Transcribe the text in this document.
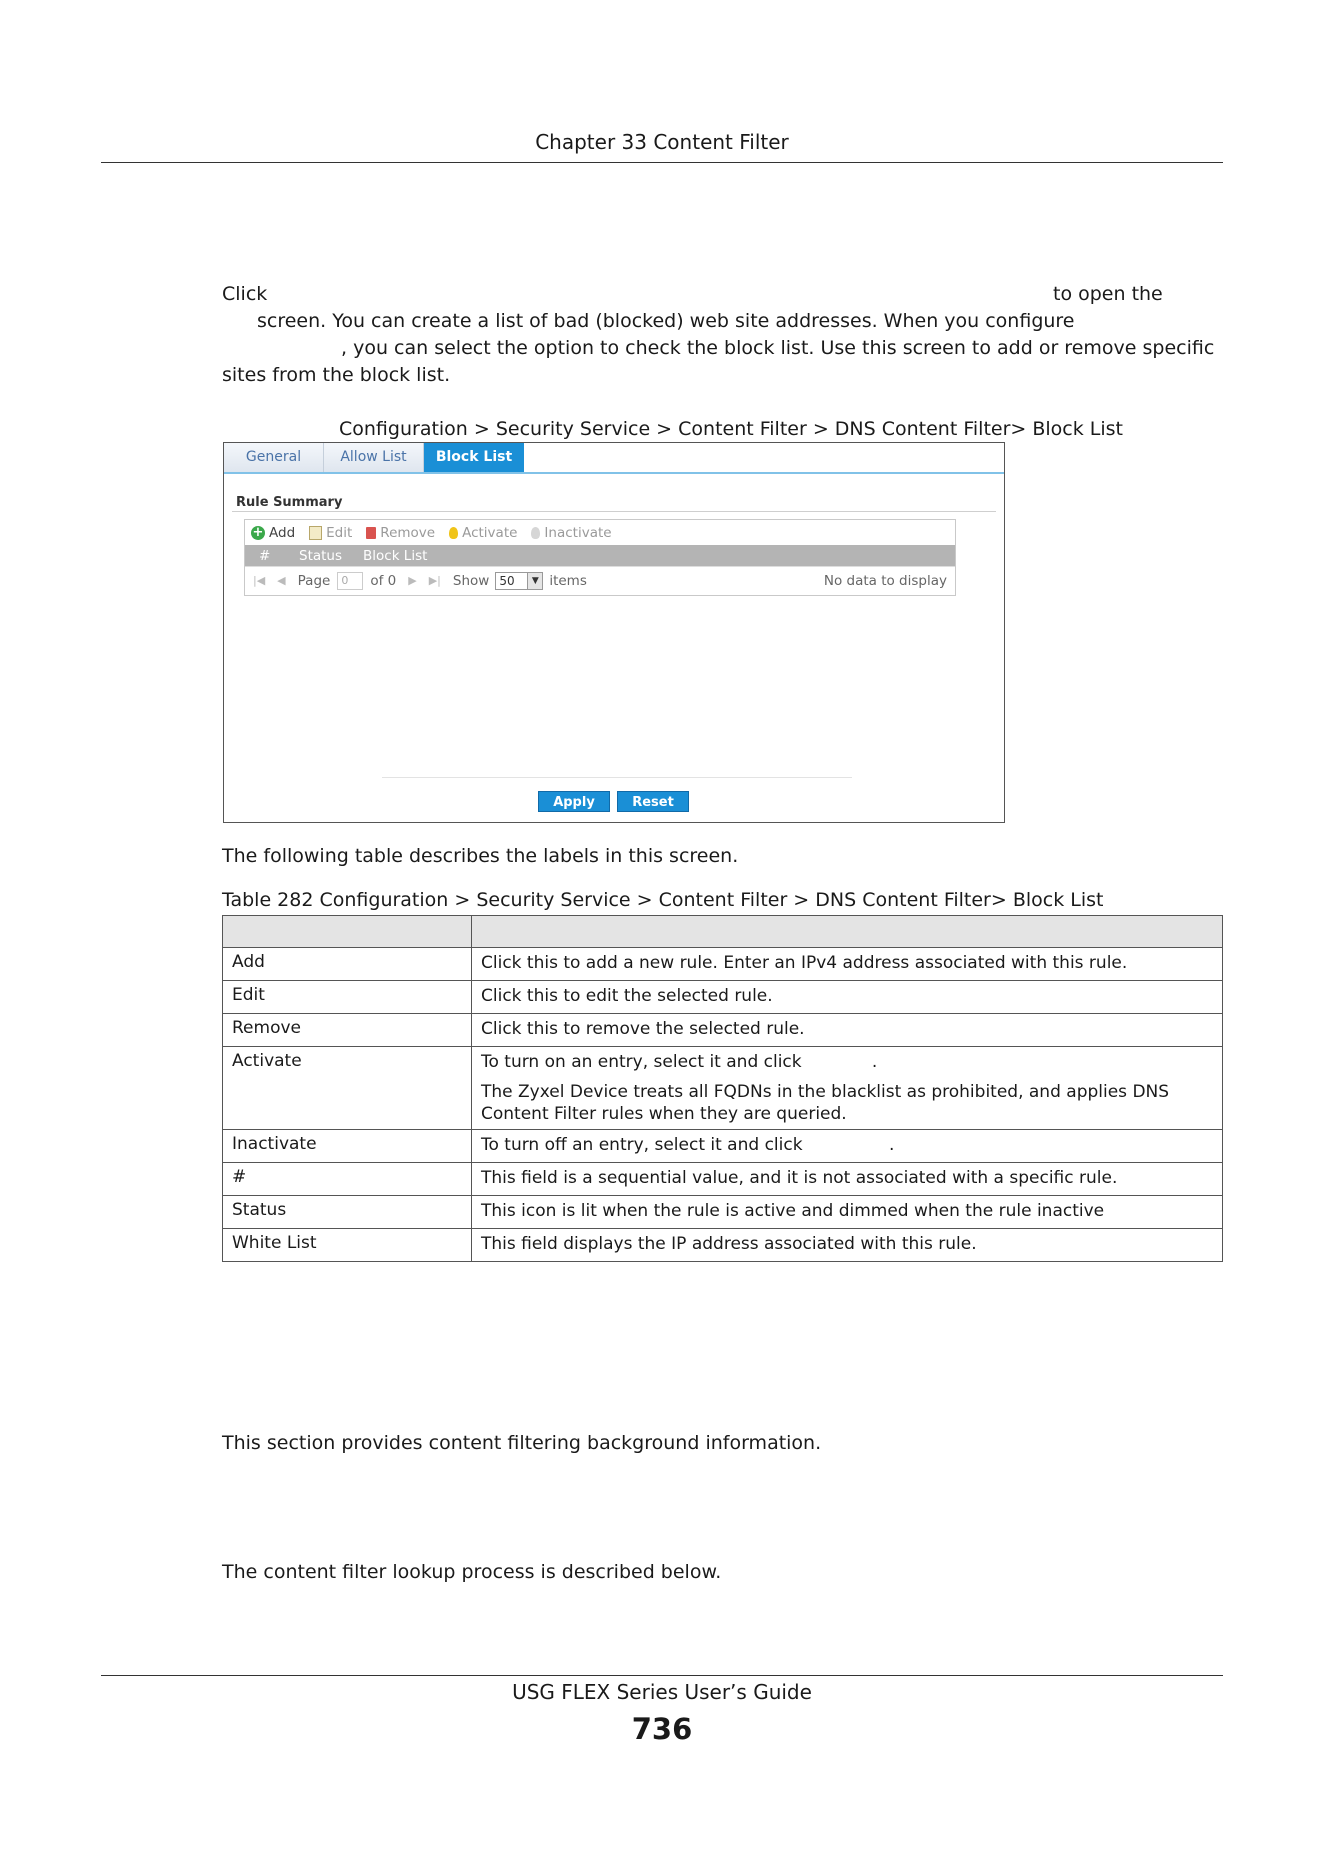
Chapter 33 Content Filter
Click	to open the
screen. You can create a list of bad (blocked) web site addresses. When you configure
, you can select the option to check the block list. Use this screen to add or remove specific
sites from the block list.
Configuration > Security Service > Content Filter > DNS Content Filter> Block List
General	Allow List	Block List
Rule Summary
+ Add Edit Remove Activate Inactivate
#	Status	Block List
|◀ ◀ Page	0	of 0 ▶ ▶| Show 50	▼ items	No data to display
Apply	Reset
The following table describes the labels in this screen.
Table 282 Configuration > Security Service > Content Filter > DNS Content Filter> Block List

Add	Click this to add a new rule. Enter an IPv4 address associated with this rule.

Edit	Click this to edit the selected rule.

Remove	Click this to remove the selected rule.

Activate	To turn on an entry, select it and click             .

The Zyxel Device treats all FQDNs in the blacklist as prohibited, and applies DNS Content Filter rules when they are queried.

Inactivate	To turn off an entry, select it and click                .

#	This field is a sequential value, and it is not associated with a specific rule.

Status	This icon is lit when the rule is active and dimmed when the rule inactive

White List	This field displays the IP address associated with this rule.

This section provides content filtering background information.
The content filter lookup process is described below.
USG FLEX Series User’s Guide
736
